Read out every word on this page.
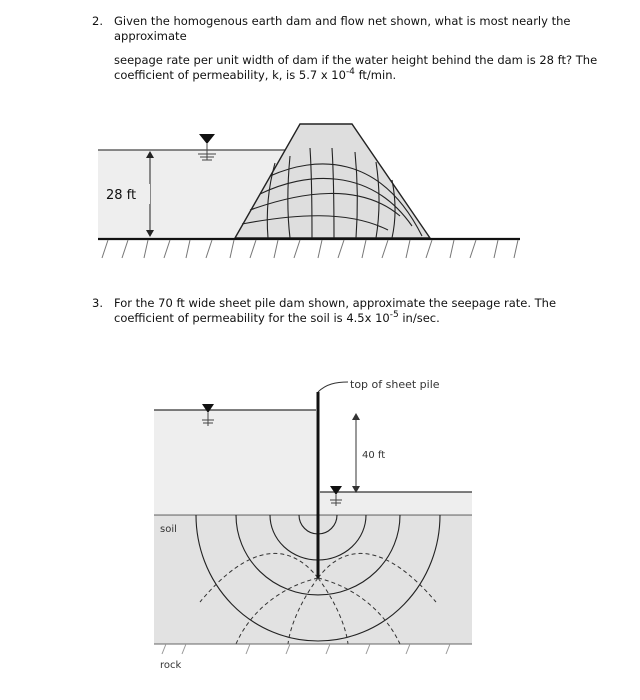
2. Given the homogenous earth dam and flow net shown, what is most nearly the
approximate
seepage rate per unit width of dam if the water height behind the dam is 28 ft? The
coefficient of permeability, k, is 5.7 x $10^{-4}$ ft/min.
28 ft
3. For the 70 ft wide sheet pile dam shown, approximate the seepage rate. The
coefficient of permeability for the soil is 4.5x $10^{-5}$ in/sec.
top of sheet pile
40 ft
soil
rock
